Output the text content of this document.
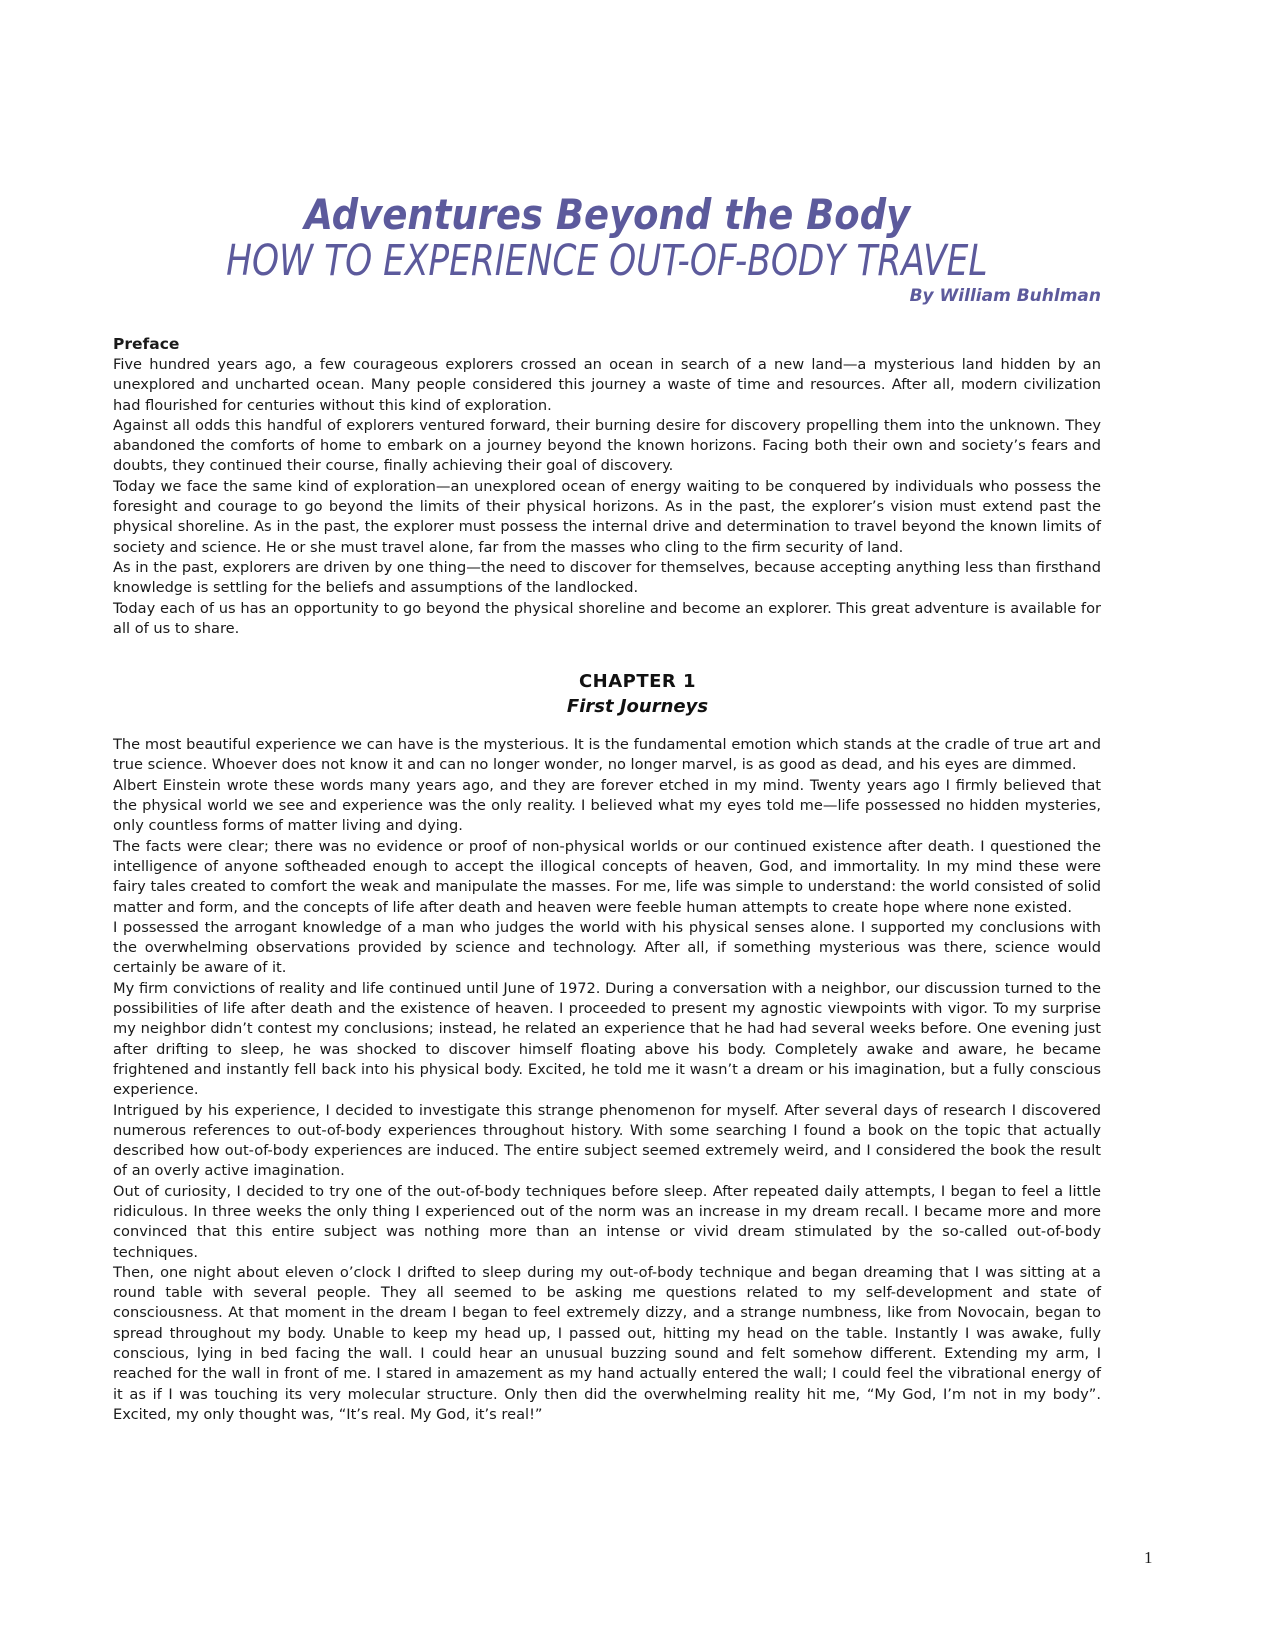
Adventures Beyond the Body
HOW TO EXPERIENCE OUT-OF-BODY TRAVEL
By William Buhlman
Preface

Five hundred years ago, a few courageous explorers crossed an ocean in search of a new land—a mysterious land hidden by an unexplored and uncharted ocean. Many people considered this journey a waste of time and resources. After all, modern civilization had flourished for centuries without this kind of exploration.

Against all odds this handful of explorers ventured forward, their burning desire for discovery propelling them into the unknown. They abandoned the comforts of home to embark on a journey beyond the known horizons. Facing both their own and society’s fears and doubts, they continued their course, finally achieving their goal of discovery.

Today we face the same kind of exploration—an unexplored ocean of energy waiting to be conquered by individuals who possess the foresight and courage to go beyond the limits of their physical horizons. As in the past, the explorer’s vision must extend past the physical shoreline. As in the past, the explorer must possess the internal drive and determination to travel beyond the known limits of society and science. He or she must travel alone, far from the masses who cling to the firm security of land.

As in the past, explorers are driven by one thing—the need to discover for themselves, because accepting anything less than firsthand knowledge is settling for the beliefs and assumptions of the landlocked.

Today each of us has an opportunity to go beyond the physical shoreline and become an explorer. This great adventure is available for all of us to share.

CHAPTER 1
First Journeys

The most beautiful experience we can have is the mysterious. It is the fundamental emotion which stands at the cradle of true art and true science. Whoever does not know it and can no longer wonder, no longer marvel, is as good as dead, and his eyes are dimmed.

Albert Einstein wrote these words many years ago, and they are forever etched in my mind. Twenty years ago I firmly believed that the physical world we see and experience was the only reality. I believed what my eyes told me—life possessed no hidden mysteries, only countless forms of matter living and dying.

The facts were clear; there was no evidence or proof of non-physical worlds or our continued existence after death. I questioned the intelligence of anyone softheaded enough to accept the illogical concepts of heaven, God, and immortality. In my mind these were fairy tales created to comfort the weak and manipulate the masses. For me, life was simple to understand: the world consisted of solid matter and form, and the concepts of life after death and heaven were feeble human attempts to create hope where none existed.

I possessed the arrogant knowledge of a man who judges the world with his physical senses alone. I supported my conclusions with the overwhelming observations provided by science and technology. After all, if something mysterious was there, science would certainly be aware of it.

My firm convictions of reality and life continued until June of 1972. During a conversation with a neighbor, our discussion turned to the possibilities of life after death and the existence of heaven. I proceeded to present my agnostic viewpoints with vigor. To my surprise my neighbor didn’t contest my conclusions; instead, he related an experience that he had had several weeks before. One evening just after drifting to sleep, he was shocked to discover himself floating above his body. Completely awake and aware, he became frightened and instantly fell back into his physical body. Excited, he told me it wasn’t a dream or his imagination, but a fully conscious experience.

Intrigued by his experience, I decided to investigate this strange phenomenon for myself. After several days of research I discovered numerous references to out-of-body experiences throughout history. With some searching I found a book on the topic that actually described how out-of-body experiences are induced. The entire subject seemed extremely weird, and I considered the book the result of an overly active imagination.

Out of curiosity, I decided to try one of the out-of-body techniques before sleep. After repeated daily attempts, I began to feel a little ridiculous. In three weeks the only thing I experienced out of the norm was an increase in my dream recall. I became more and more convinced that this entire subject was nothing more than an intense or vivid dream stimulated by the so-called out-of-body techniques.

Then, one night about eleven o’clock I drifted to sleep during my out-of-body technique and began dreaming that I was sitting at a round table with several people. They all seemed to be asking me questions related to my self-development and state of consciousness. At that moment in the dream I began to feel extremely dizzy, and a strange numbness, like from Novocain, began to spread throughout my body. Unable to keep my head up, I passed out, hitting my head on the table. Instantly I was awake, fully conscious, lying in bed facing the wall. I could hear an unusual buzzing sound and felt somehow different. Extending my arm, I reached for the wall in front of me. I stared in amazement as my hand actually entered the wall; I could feel the vibrational energy of it as if I was touching its very molecular structure. Only then did the overwhelming reality hit me, “My God, I’m not in my body”. Excited, my only thought was, “It’s real. My God, it’s real!”

1
